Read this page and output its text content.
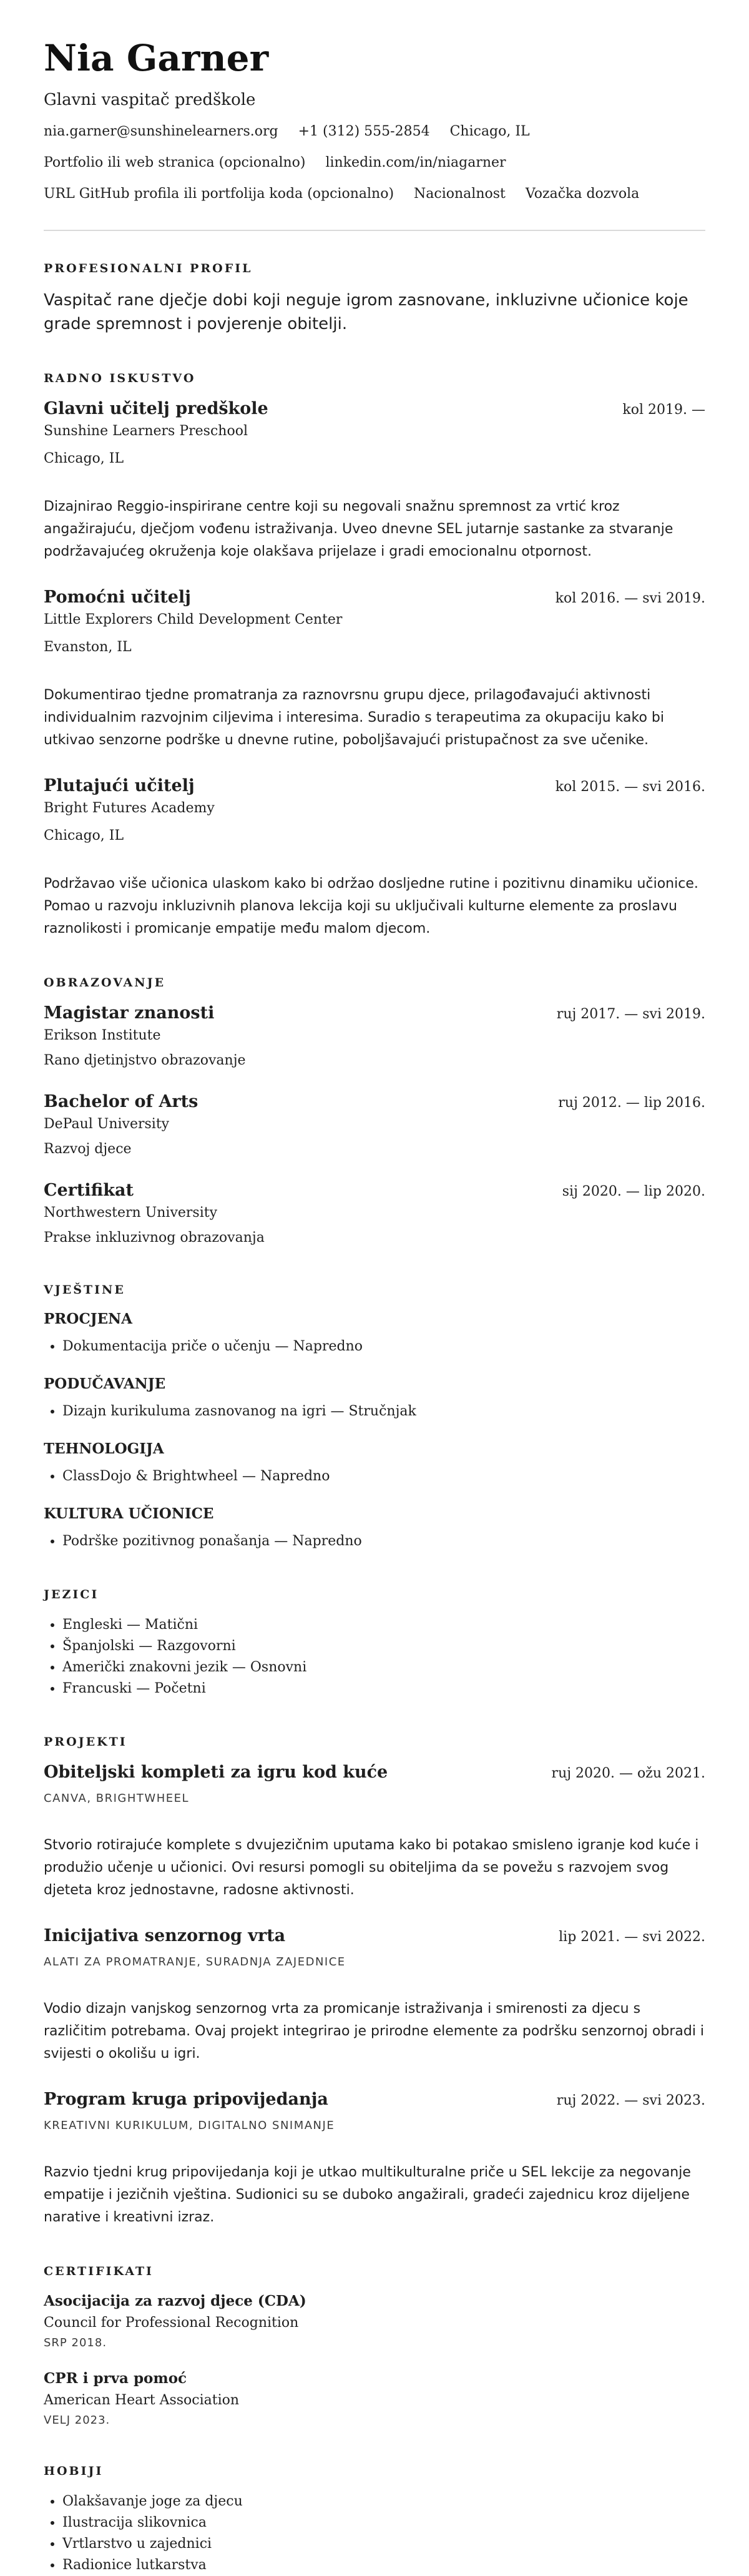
Nia Garner
Glavni vaspitač predškole
nia.garner@sunshinelearners.org +1 (312) 555-2854 Chicago, IL
Portfolio ili web stranica (opcionalno) linkedin.com/in/niagarner
URL GitHub profila ili portfolija koda (opcionalno) Nacionalnost Vozačka dozvola
PROFESIONALNI PROFIL

Vaspitač rane dječje dobi koji neguje igrom zasnovane, inkluzivne učionice koje grade spremnost i povjerenje obitelji.

RADNO ISKUSTVO
Glavni učitelj predškole	kol 2019. —
Sunshine Learners Preschool
Chicago, IL

Dizajnirao Reggio-inspirirane centre koji su negovali snažnu spremnost za vrtić kroz angažirajuću, dječjom vođenu istraživanja. Uveo dnevne SEL jutarnje sastanke za stvaranje podržavajućeg okruženja koje olakšava prijelaze i gradi emocionalnu otpornost.

Pomoćni učitelj	kol 2016. — svi 2019.
Little Explorers Child Development Center
Evanston, IL

Dokumentirao tjedne promatranja za raznovrsnu grupu djece, prilagođavajući aktivnosti individualnim razvojnim ciljevima i interesima. Suradio s terapeutima za okupaciju kako bi utkivao senzorne podrške u dnevne rutine, poboljšavajući pristupačnost za sve učenike.

Plutajući učitelj	kol 2015. — svi 2016.
Bright Futures Academy
Chicago, IL

Podržavao više učionica ulaskom kako bi održao dosljedne rutine i pozitivnu dinamiku učionice. Pomao u razvoju inkluzivnih planova lekcija koji su uključivali kulturne elemente za proslavu raznolikosti i promicanje empatije među malom djecom.

OBRAZOVANJE
Magistar znanosti	ruj 2017. — svi 2019.
Erikson Institute
Rano djetinjstvo obrazovanje
Bachelor of Arts	ruj 2012. — lip 2016.
DePaul University
Razvoj djece
Certifikat	sij 2020. — lip 2020.
Northwestern University
Prakse inkluzivnog obrazovanja
VJEŠTINE
PROCJENA
• Dokumentacija priče o učenju — Napredno
PODUČAVANJE
• Dizajn kurikuluma zasnovanog na igri — Stručnjak
TEHNOLOGIJA
• ClassDojo & Brightwheel — Napredno
KULTURA UČIONICE
• Podrške pozitivnog ponašanja — Napredno
JEZICI
• Engleski — Matični
• Španjolski — Razgovorni
• Američki znakovni jezik — Osnovni
• Francuski — Početni
PROJEKTI
Obiteljski kompleti za igru kod kuće	ruj 2020. — ožu 2021.
CANVA, BRIGHTWHEEL

Stvorio rotirajuće komplete s dvujezičnim uputama kako bi potakao smisleno igranje kod kuće i produžio učenje u učionici. Ovi resursi pomogli su obiteljima da se povežu s razvojem svog djeteta kroz jednostavne, radosne aktivnosti.

Inicijativa senzornog vrta	lip 2021. — svi 2022.
ALATI ZA PROMATRANJE, SURADNJA ZAJEDNICE

Vodio dizajn vanjskog senzornog vrta za promicanje istraživanja i smirenosti za djecu s različitim potrebama. Ovaj projekt integrirao je prirodne elemente za podršku senzornoj obradi i svijesti o okolišu u igri.

Program kruga pripovijedanja	ruj 2022. — svi 2023.
KREATIVNI KURIKULUM, DIGITALNO SNIMANJE

Razvio tjedni krug pripovijedanja koji je utkao multikulturalne priče u SEL lekcije za negovanje empatije i jezičnih vještina. Sudionici su se duboko angažirali, gradeći zajednicu kroz dijeljene narative i kreativni izraz.

CERTIFIKATI
Asocijacija za razvoj djece (CDA)
Council for Professional Recognition
SRP 2018.
CPR i prva pomoć
American Heart Association
VELJ 2023.
HOBIJI
• Olakšavanje joge za djecu
• Ilustracija slikovnica
• Vrtlarstvo u zajednici
• Radionice lutkarstva
